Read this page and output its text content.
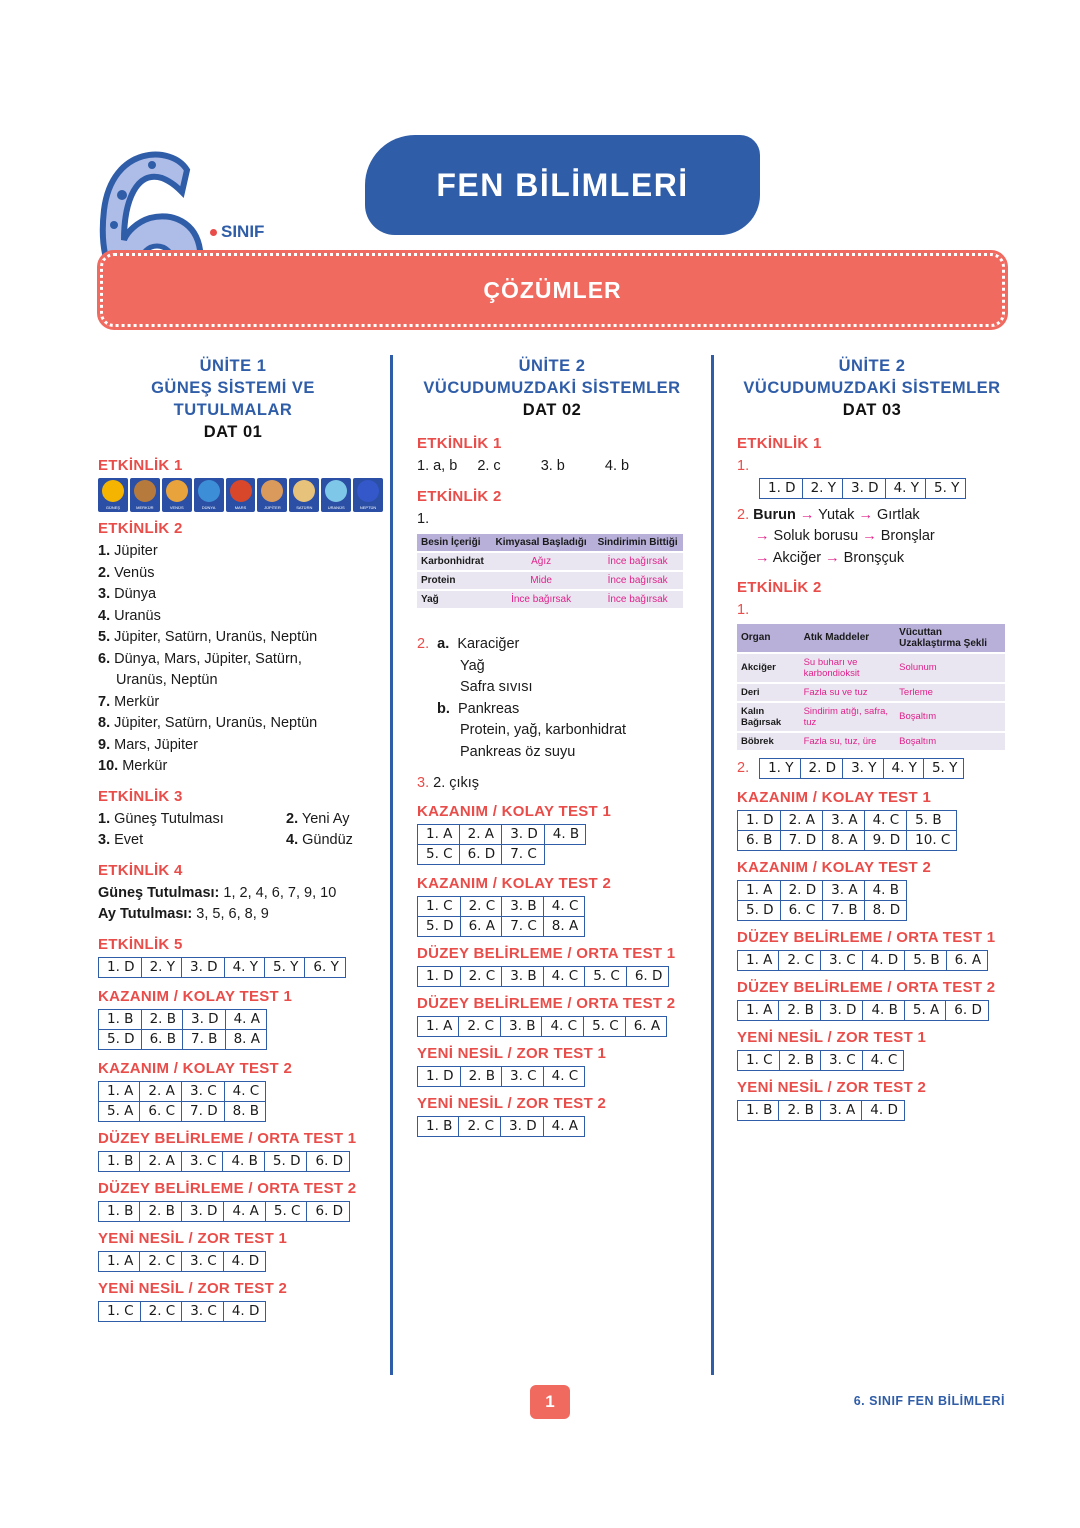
SINIF
FEN BİLİMLERİ
ÇÖZÜMLER
ÜNİTE 1
GÜNEŞ SİSTEMİ VE
TUTULMALAR
DAT 01
ETKİNLİK 1
GÜNEŞ	MERKÜR	VENÜS	DÜNYA	MARS	JÜPİTER	SATÜRN	URANÜS	NEPTÜN
ETKİNLİK 2
1. Jüpiter
2. Venüs
3. Dünya
4. Uranüs
5. Jüpiter, Satürn, Uranüs, Neptün
6. Dünya, Mars, Jüpiter, Satürn,
Uranüs, Neptün
7. Merkür
8. Jüpiter, Satürn, Uranüs, Neptün
9. Mars, Jüpiter
10. Merkür
ETKİNLİK 3
1. Güneş Tutulması	2. Yeni Ay
3. Evet	4. Gündüz
ETKİNLİK 4
Güneş Tutulması: 1, 2, 4, 6, 7, 9, 10
Ay Tutulması: 3, 5, 6, 8, 9
ETKİNLİK 5
1. D	2. Y	3. D	4. Y	5. Y	6. Y
KAZANIM / KOLAY TEST 1
1. B	2. B	3. D	4. A
5. D	6. B	7. B	8. A
KAZANIM / KOLAY TEST 2
1. A	2. A	3. C	4. C
5. A	6. C	7. D	8. B
DÜZEY BELİRLEME / ORTA TEST 1
1. B	2. A	3. C	4. B	5. D	6. D
DÜZEY BELİRLEME / ORTA TEST 2
1. B	2. B	3. D	4. A	5. C	6. D
YENİ NESİL / ZOR TEST 1
1. A	2. C	3. C	4. D
YENİ NESİL / ZOR TEST 2
1. C	2. C	3. C	4. D
ÜNİTE 2
VÜCUDUMUZDAKİ SİSTEMLER
DAT 02
ETKİNLİK 1
1. a, b 2. c	3. b	4. b
ETKİNLİK 2
1.
Besin İçeriği	Kimyasal Başladığı	Sindirimin Bittiği
Karbonhidrat	Ağız	İnce bağırsak
Protein	Mide	İnce bağırsak
Yağ	İnce bağırsak	İnce bağırsak
2. a. Karaciğer
Yağ
Safra sıvısı
b. Pankreas
Protein, yağ, karbonhidrat
Pankreas öz suyu
3. 2. çıkış
KAZANIM / KOLAY TEST 1
1. A	2. A	3. D	4. B
5. C	6. D	7. C	
KAZANIM / KOLAY TEST 2
1. C	2. C	3. B	4. C
5. D	6. A	7. C	8. A
DÜZEY BELİRLEME / ORTA TEST 1
1. D	2. C	3. B	4. C	5. C	6. D
DÜZEY BELİRLEME / ORTA TEST 2
1. A	2. C	3. B	4. C	5. C	6. A
YENİ NESİL / ZOR TEST 1
1. D	2. B	3. C	4. C
YENİ NESİL / ZOR TEST 2
1. B	2. C	3. D	4. A
ÜNİTE 2
VÜCUDUMUZDAKİ SİSTEMLER
DAT 03
ETKİNLİK 1
1.
1. D	2. Y	3. D	4. Y	5. Y
2. Burun → Yutak → Gırtlak
→ Soluk borusu → Bronşlar
→ Akciğer → Bronşçuk
ETKİNLİK 2
1.
Organ	Atık Maddeler	Vücuttan Uzaklaştırma Şekli
Akciğer	Su buharı ve karbondioksit	Solunum
Deri	Fazla su ve tuz	Terleme
Kalın Bağırsak	Sindirim atığı, safra, tuz	Boşaltım
Böbrek	Fazla su, tuz, üre	Boşaltım
2. 1. Y	2. D	3. Y	4. Y	5. Y
KAZANIM / KOLAY TEST 1
1. D	2. A	3. A	4. C	5. B
6. B	7. D	8. A	9. D	10. C
KAZANIM / KOLAY TEST 2
1. A	2. D	3. A	4. B
5. D	6. C	7. B	8. D
DÜZEY BELİRLEME / ORTA TEST 1
1. A	2. C	3. C	4. D	5. B	6. A
DÜZEY BELİRLEME / ORTA TEST 2
1. A	2. B	3. D	4. B	5. A	6. D
YENİ NESİL / ZOR TEST 1
1. C	2. B	3. C	4. C
YENİ NESİL / ZOR TEST 2
1. B	2. B	3. A	4. D
1	6. SINIF FEN BİLİMLERİ
